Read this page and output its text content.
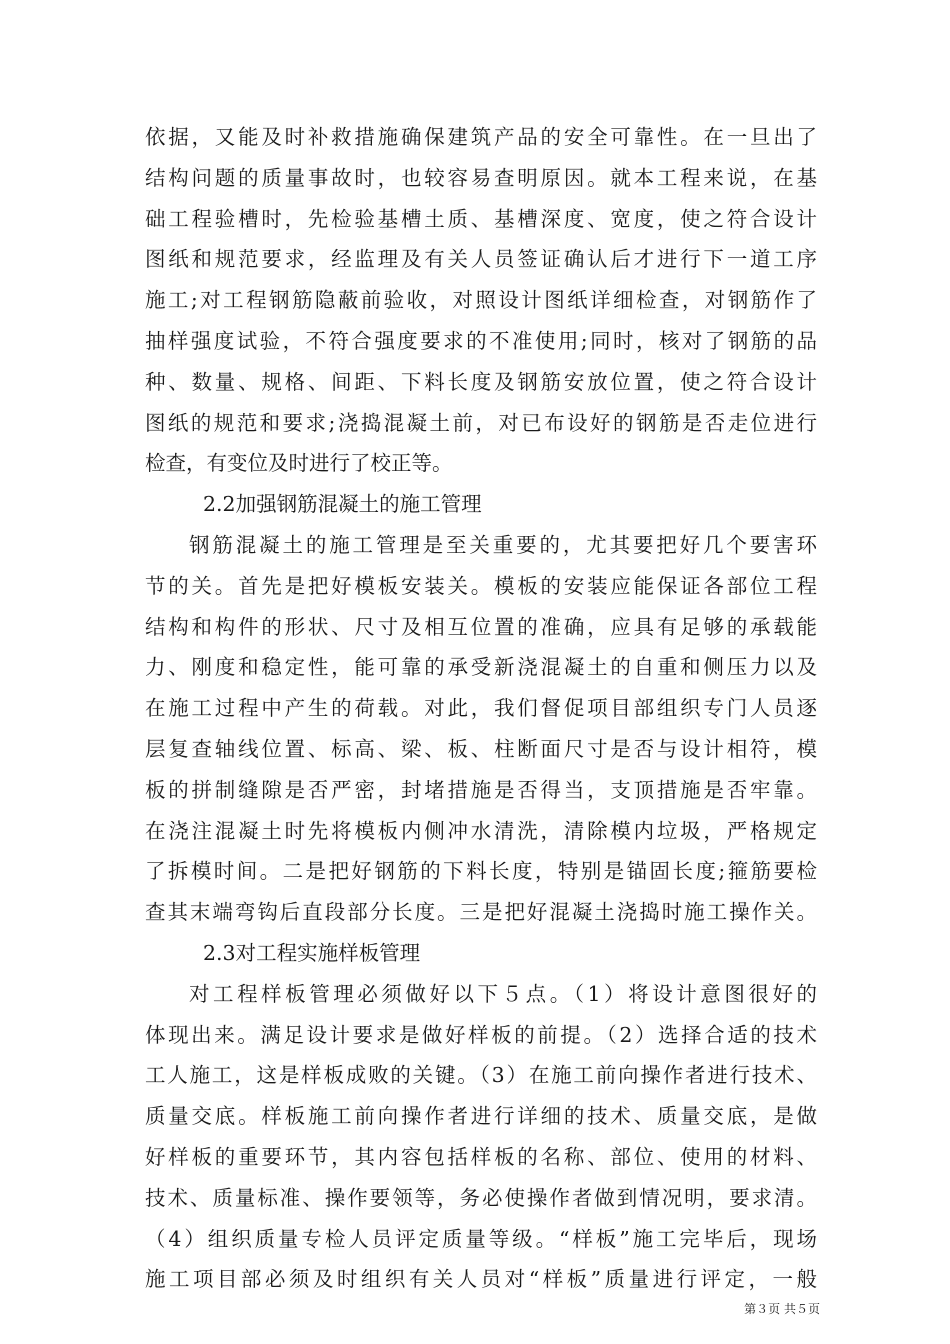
依据，又能及时补救措施确保建筑产品的安全可靠性。在一旦出了
结构问题的质量事故时，也较容易查明原因。就本工程来说，在基
础工程验槽时，先检验基槽土质、基槽深度、宽度，使之符合设计
图纸和规范要求，经监理及有关人员签证确认后才进行下一道工序
施工;对工程钢筋隐蔽前验收，对照设计图纸详细检查，对钢筋作了
抽样强度试验，不符合强度要求的不准使用;同时，核对了钢筋的品
种、数量、规格、间距、下料长度及钢筋安放位置，使之符合设计
图纸的规范和要求;浇捣混凝土前，对已布设好的钢筋是否走位进行
检查，有变位及时进行了校正等。
2.2加强钢筋混凝土的施工管理
钢筋混凝土的施工管理是至关重要的，尤其要把好几个要害环
节的关。首先是把好模板安装关。模板的安装应能保证各部位工程
结构和构件的形状、尺寸及相互位置的准确，应具有足够的承载能
力、刚度和稳定性，能可靠的承受新浇混凝土的自重和侧压力以及
在施工过程中产生的荷载。对此，我们督促项目部组织专门人员逐
层复查轴线位置、标高、梁、板、柱断面尺寸是否与设计相符，模
板的拼制缝隙是否严密，封堵措施是否得当，支顶措施是否牢靠。
在浇注混凝土时先将模板内侧冲水清洗，清除模内垃圾，严格规定
了拆模时间。二是把好钢筋的下料长度，特别是锚固长度;箍筋要检
查其末端弯钩后直段部分长度。三是把好混凝土浇捣时施工操作关。
2.3对工程实施样板管理
对工程样板管理必须做好以下５点。（1）将设计意图很好的
体现出来。满足设计要求是做好样板的前提。（2）选择合适的技术
工人施工，这是样板成败的关键。（3）在施工前向操作者进行技术、
质量交底。样板施工前向操作者进行详细的技术、质量交底，是做
好样板的重要环节，其内容包括样板的名称、部位、使用的材料、
技术、质量标准、操作要领等，务必使操作者做到情况明，要求清。
（4）组织质量专检人员评定质量等级。“样板”施工完毕后，现场
施工项目部必须及时组织有关人员对“样板”质量进行评定，一般
第３页 共５页
